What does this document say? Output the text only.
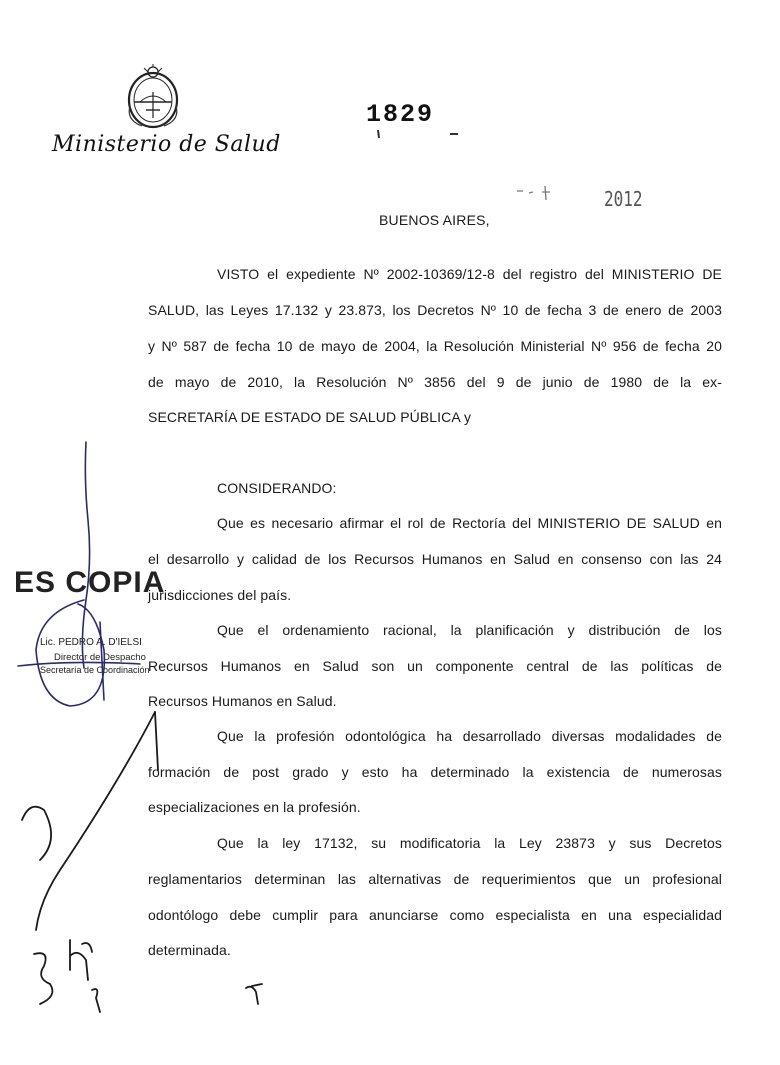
Ministerio de Salud
1829
2012
BUENOS AIRES,
VISTO el expediente Nº 2002-10369/12-8 del registro del MINISTERIO DE
SALUD, las Leyes 17.132 y 23.873, los Decretos Nº 10 de fecha 3 de enero de 2003
y Nº 587 de fecha 10 de mayo de 2004, la Resolución Ministerial Nº 956 de fecha 20
de mayo de 2010, la Resolución Nº 3856 del 9 de junio de 1980 de la ex-
SECRETARÍA DE ESTADO DE SALUD PÚBLICA y
CONSIDERANDO:
Que es necesario afirmar el rol de Rectoría del MINISTERIO DE SALUD en
el desarrollo y calidad de los Recursos Humanos en Salud en consenso con las 24
jurisdicciones del país.
Que el ordenamiento racional, la planificación y distribución de los
Recursos Humanos en Salud son un componente central de las políticas de
Recursos Humanos en Salud.
Que la profesión odontológica ha desarrollado diversas modalidades de
formación de post grado y esto ha determinado la existencia de numerosas
especializaciones en la profesión.
Que la ley 17132, su modificatoria la Ley 23873 y sus Decretos
reglamentarios determinan las alternativas de requerimientos que un profesional
odontólogo debe cumplir para anunciarse como especialista en una especialidad
determinada.
ES COPIA
Lic. PEDRO A. D'IELSI
Director de Despacho
Secretaría de Coordinación
